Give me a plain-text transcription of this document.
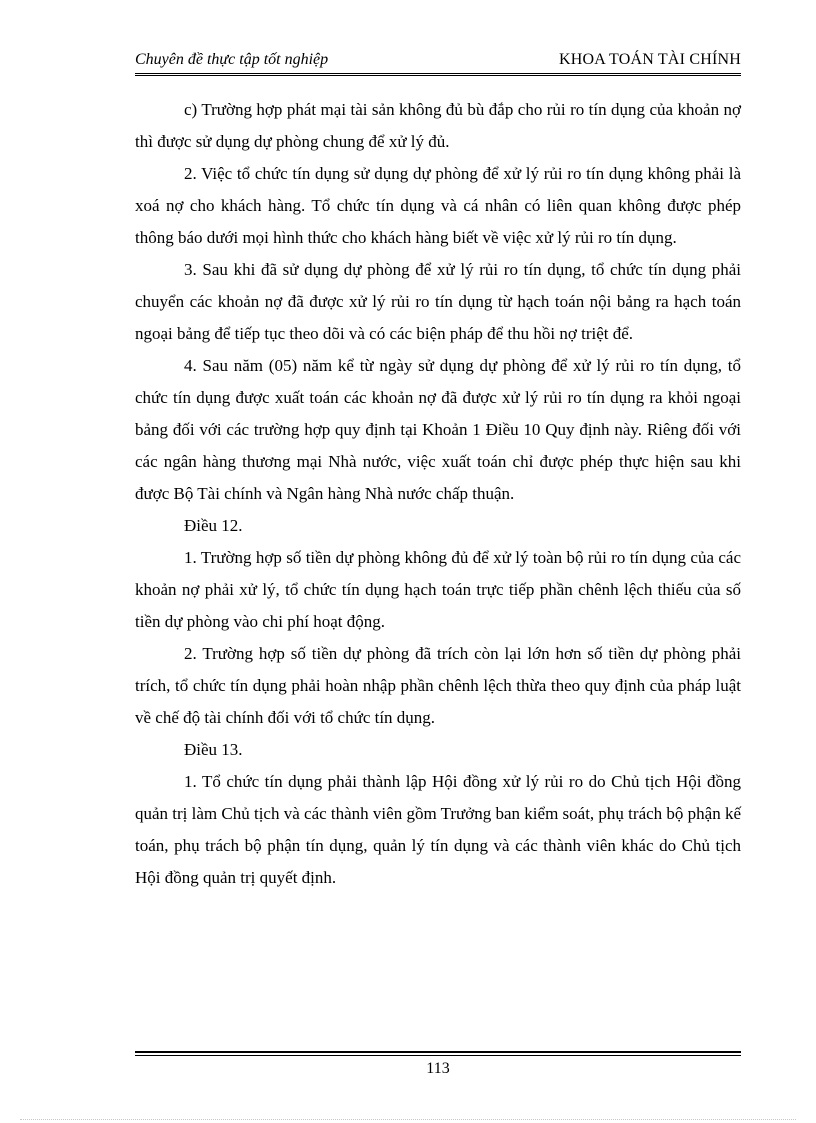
Chuyên đề thực tập tốt nghiệp	KHOA TOÁN TÀI CHÍNH

c) Trường hợp phát mại tài sản không đủ bù đắp cho rủi ro tín dụng của khoản nợ thì được sử dụng dự phòng chung để xử lý đủ.

2. Việc tổ chức tín dụng sử dụng dự phòng để xử lý rủi ro tín dụng không phải là xoá nợ cho khách hàng. Tổ chức tín dụng và cá nhân có liên quan không được phép thông báo dưới mọi hình thức cho khách hàng biết về việc xử lý rủi ro tín dụng.

3. Sau khi đã sử dụng dự phòng để xử lý rủi ro tín dụng, tổ chức tín dụng phải chuyển các khoản nợ đã được xử lý rủi ro tín dụng từ hạch toán nội bảng ra hạch toán ngoại bảng để tiếp tục theo dõi và có các biện pháp để thu hồi nợ triệt để.

4. Sau năm (05) năm kể từ ngày sử dụng dự phòng để xử lý rủi ro tín dụng, tổ chức tín dụng được xuất toán các khoản nợ đã được xử lý rủi ro tín dụng ra khỏi ngoại bảng đối với các trường hợp quy định tại Khoản 1 Điều 10 Quy định này. Riêng đối với các ngân hàng thương mại Nhà nước, việc xuất toán chỉ được phép thực hiện sau khi được Bộ Tài chính và Ngân hàng Nhà nước chấp thuận.

Điều 12.

1. Trường hợp số tiền dự phòng không đủ để xử lý toàn bộ rủi ro tín dụng của các khoản nợ phải xử lý, tổ chức tín dụng hạch toán trực tiếp phần chênh lệch thiếu của số tiền dự phòng vào chi phí hoạt động.

2. Trường hợp số tiền dự phòng đã trích còn lại lớn hơn số tiền dự phòng phải trích, tổ chức tín dụng phải hoàn nhập phần chênh lệch thừa theo quy định của pháp luật về chế độ tài chính đối với tổ chức tín dụng.

Điều 13.

1. Tổ chức tín dụng phải thành lập Hội đồng xử lý rủi ro do Chủ tịch Hội đồng quản trị làm Chủ tịch và các thành viên gồm Trưởng ban kiểm soát, phụ trách bộ phận kế toán, phụ trách bộ phận tín dụng, quản lý tín dụng và các thành viên khác do Chủ tịch Hội đồng quản trị quyết định.

113
